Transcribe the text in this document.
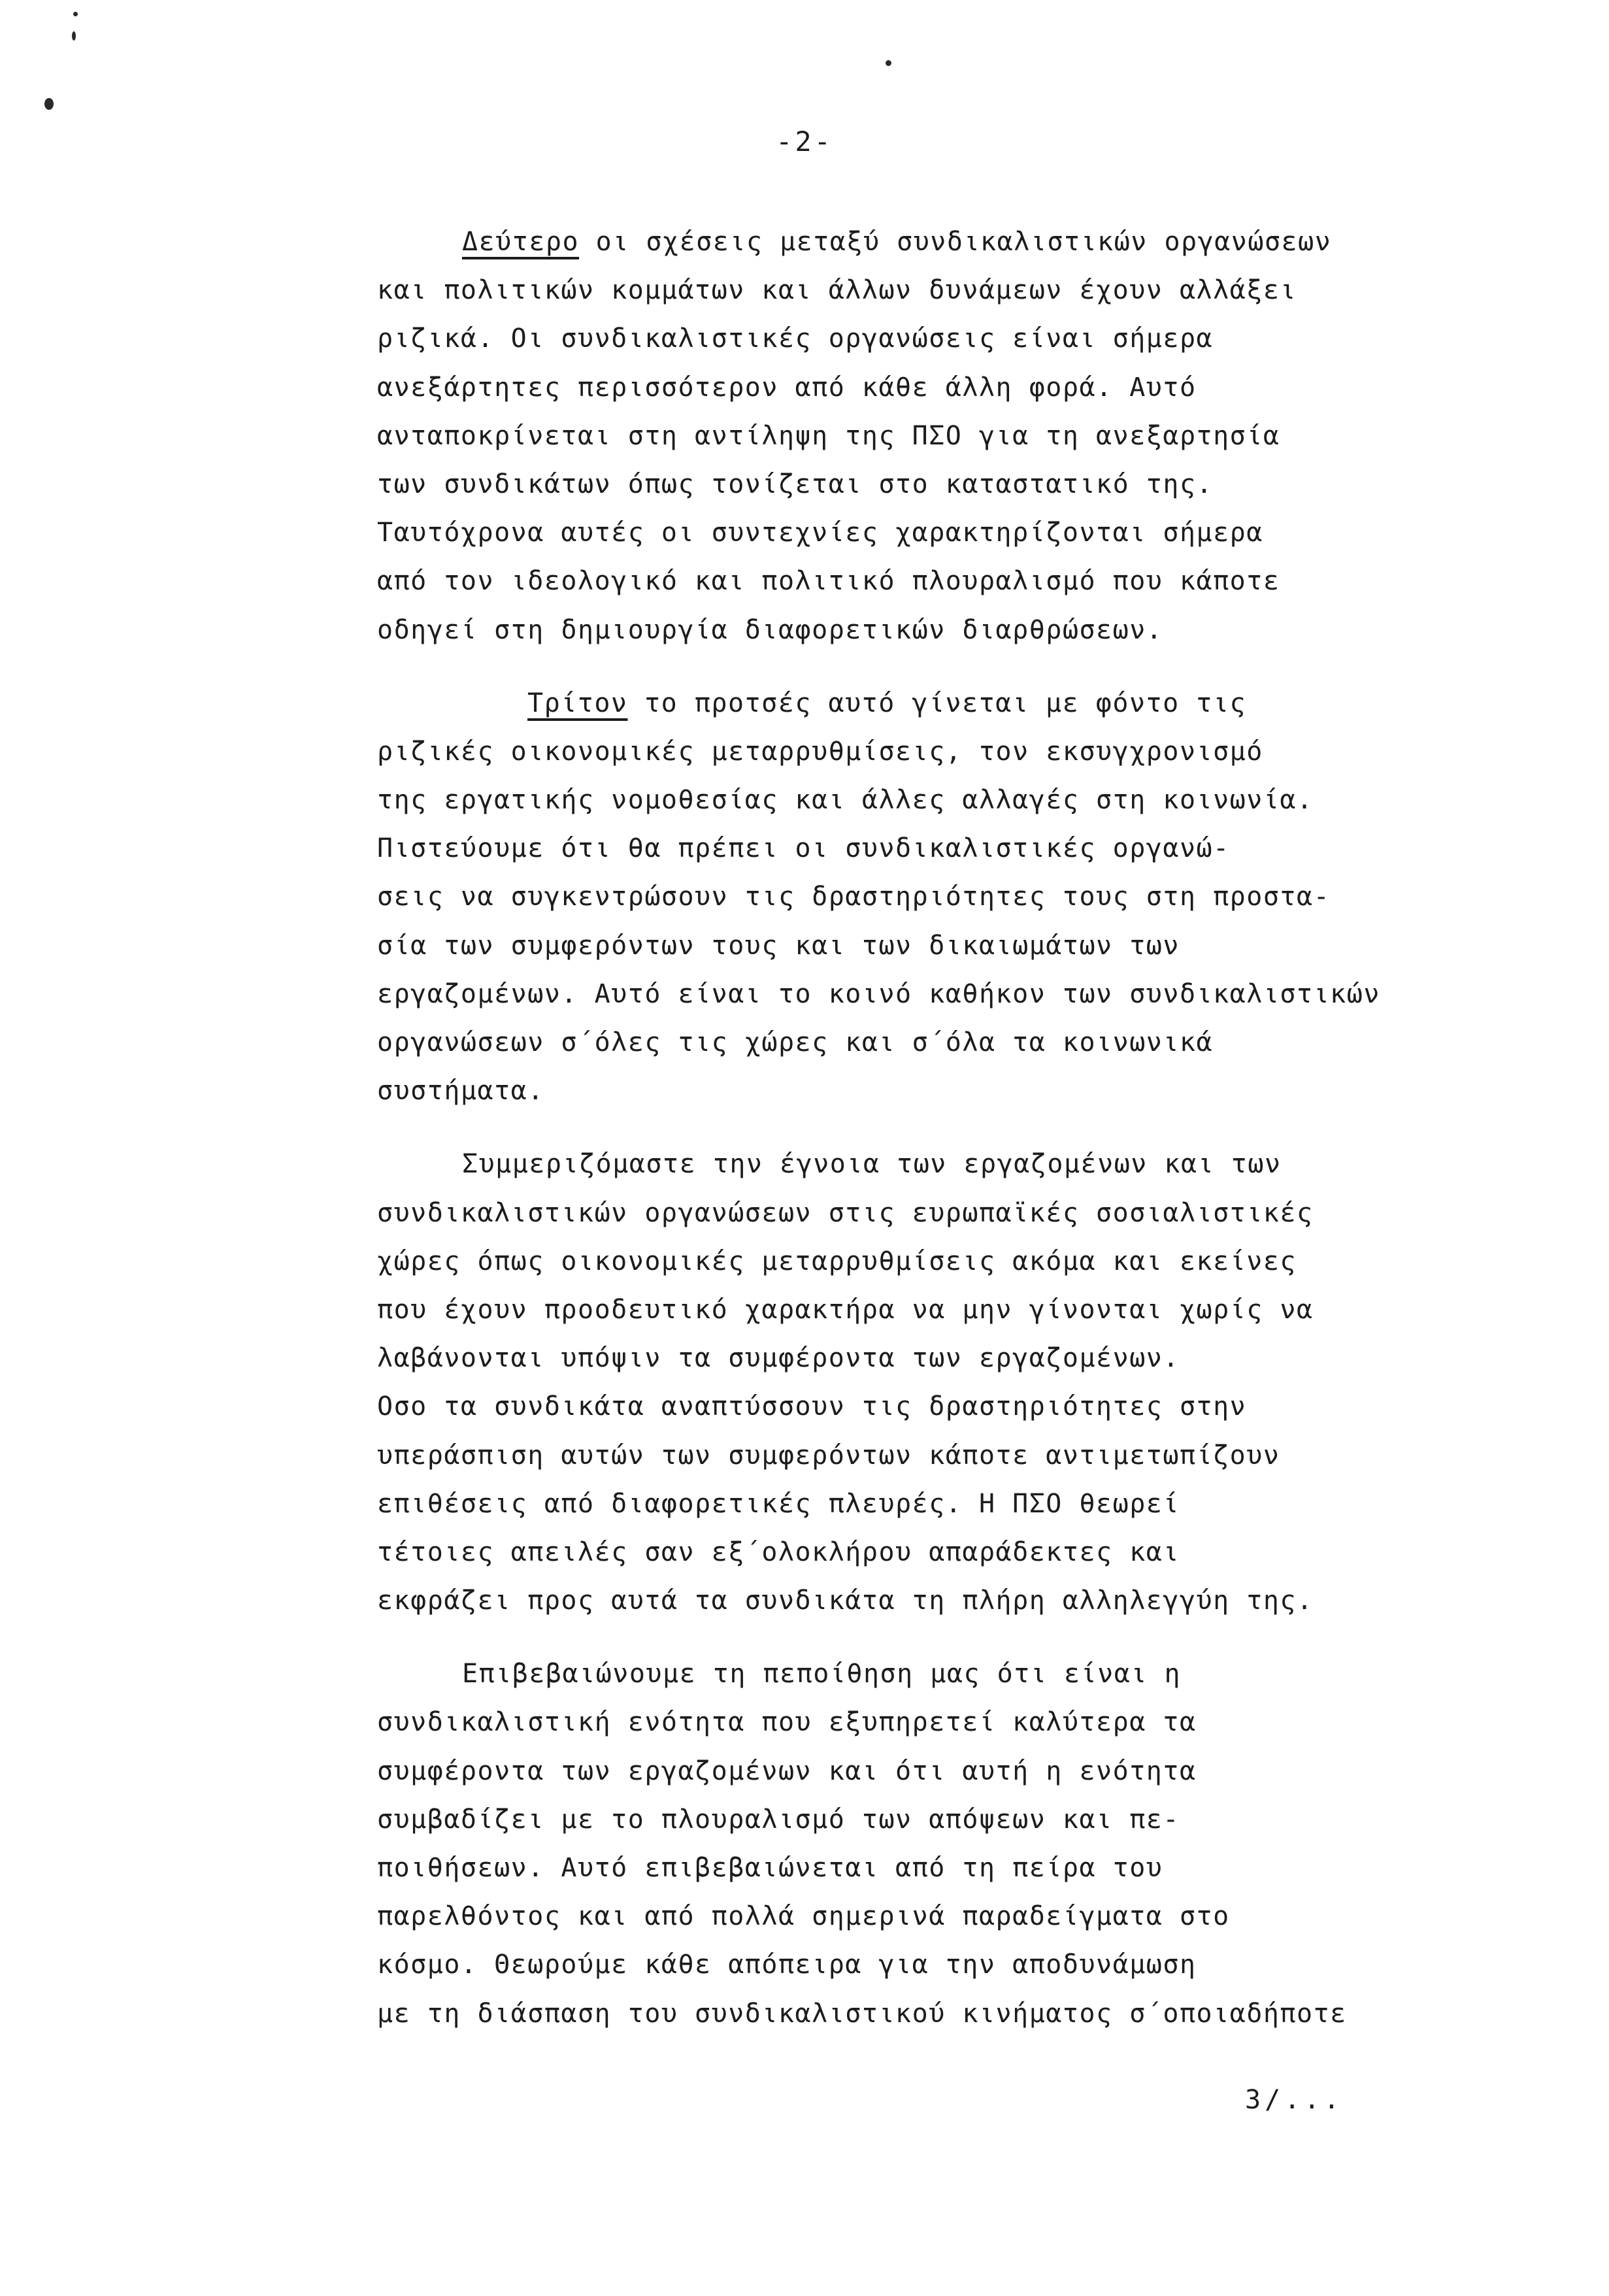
-2-
Δεύτερο οι σχέσεις μεταξύ συνδικαλιστικών οργανώσεων
και πολιτικών κομμάτων και άλλων δυνάμεων έχουν αλλάξει
ριζικά. Οι συνδικαλιστικές οργανώσεις είναι σήμερα
ανεξάρτητες περισσότερον από κάθε άλλη φορά. Αυτό
ανταποκρίνεται στη αντίληψη της ΠΣΟ για τη ανεξαρτησία
των συνδικάτων όπως τονίζεται στο καταστατικό της.
Ταυτόχρονα αυτές οι συντεχνίες χαρακτηρίζονται σήμερα
από τον ιδεολογικό και πολιτικό πλουραλισμό που κάποτε
οδηγεί στη δημιουργία διαφορετικών διαρθρώσεων.
Τρίτον το προτσές αυτό γίνεται με φόντο τις
ριζικές οικονομικές μεταρρυθμίσεις, τον εκσυγχρονισμό
της εργατικής νομοθεσίας και άλλες αλλαγές στη κοινωνία.
Πιστεύουμε ότι θα πρέπει οι συνδικαλιστικές οργανώ-
σεις να συγκεντρώσουν τις δραστηριότητες τους στη προστα-
σία των συμφερόντων τους και των δικαιωμάτων των
εργαζομένων. Αυτό είναι το κοινό καθήκον των συνδικαλιστικών
οργανώσεων σ΄όλες τις χώρες και σ΄όλα τα κοινωνικά
συστήματα.
Συμμεριζόμαστε την έγνοια των εργαζομένων και των
συνδικαλιστικών οργανώσεων στις ευρωπαϊκές σοσιαλιστικές
χώρες όπως οικονομικές μεταρρυθμίσεις ακόμα και εκείνες
που έχουν προοδευτικό χαρακτήρα να μην γίνονται χωρίς να
λαβάνονται υπόψιν τα συμφέροντα των εργαζομένων.
Οσο τα συνδικάτα αναπτύσσουν τις δραστηριότητες στην
υπεράσπιση αυτών των συμφερόντων κάποτε αντιμετωπίζουν
επιθέσεις από διαφορετικές πλευρές. Η ΠΣΟ θεωρεί
τέτοιες απειλές σαν εξ΄ολοκλήρου απαράδεκτες και
εκφράζει προς αυτά τα συνδικάτα τη πλήρη αλληλεγγύη της.
Επιβεβαιώνουμε τη πεποίθηση μας ότι είναι η
συνδικαλιστική ενότητα που εξυπηρετεί καλύτερα τα
συμφέροντα των εργαζομένων και ότι αυτή η ενότητα
συμβαδίζει με το πλουραλισμό των απόψεων και πε-
ποιθήσεων. Αυτό επιβεβαιώνεται από τη πείρα του
παρελθόντος και από πολλά σημερινά παραδείγματα στο
κόσμο. Θεωρούμε κάθε απόπειρα για την αποδυνάμωση
με τη διάσπαση του συνδικαλιστικού κινήματος σ΄οποιαδήποτε
3/...
